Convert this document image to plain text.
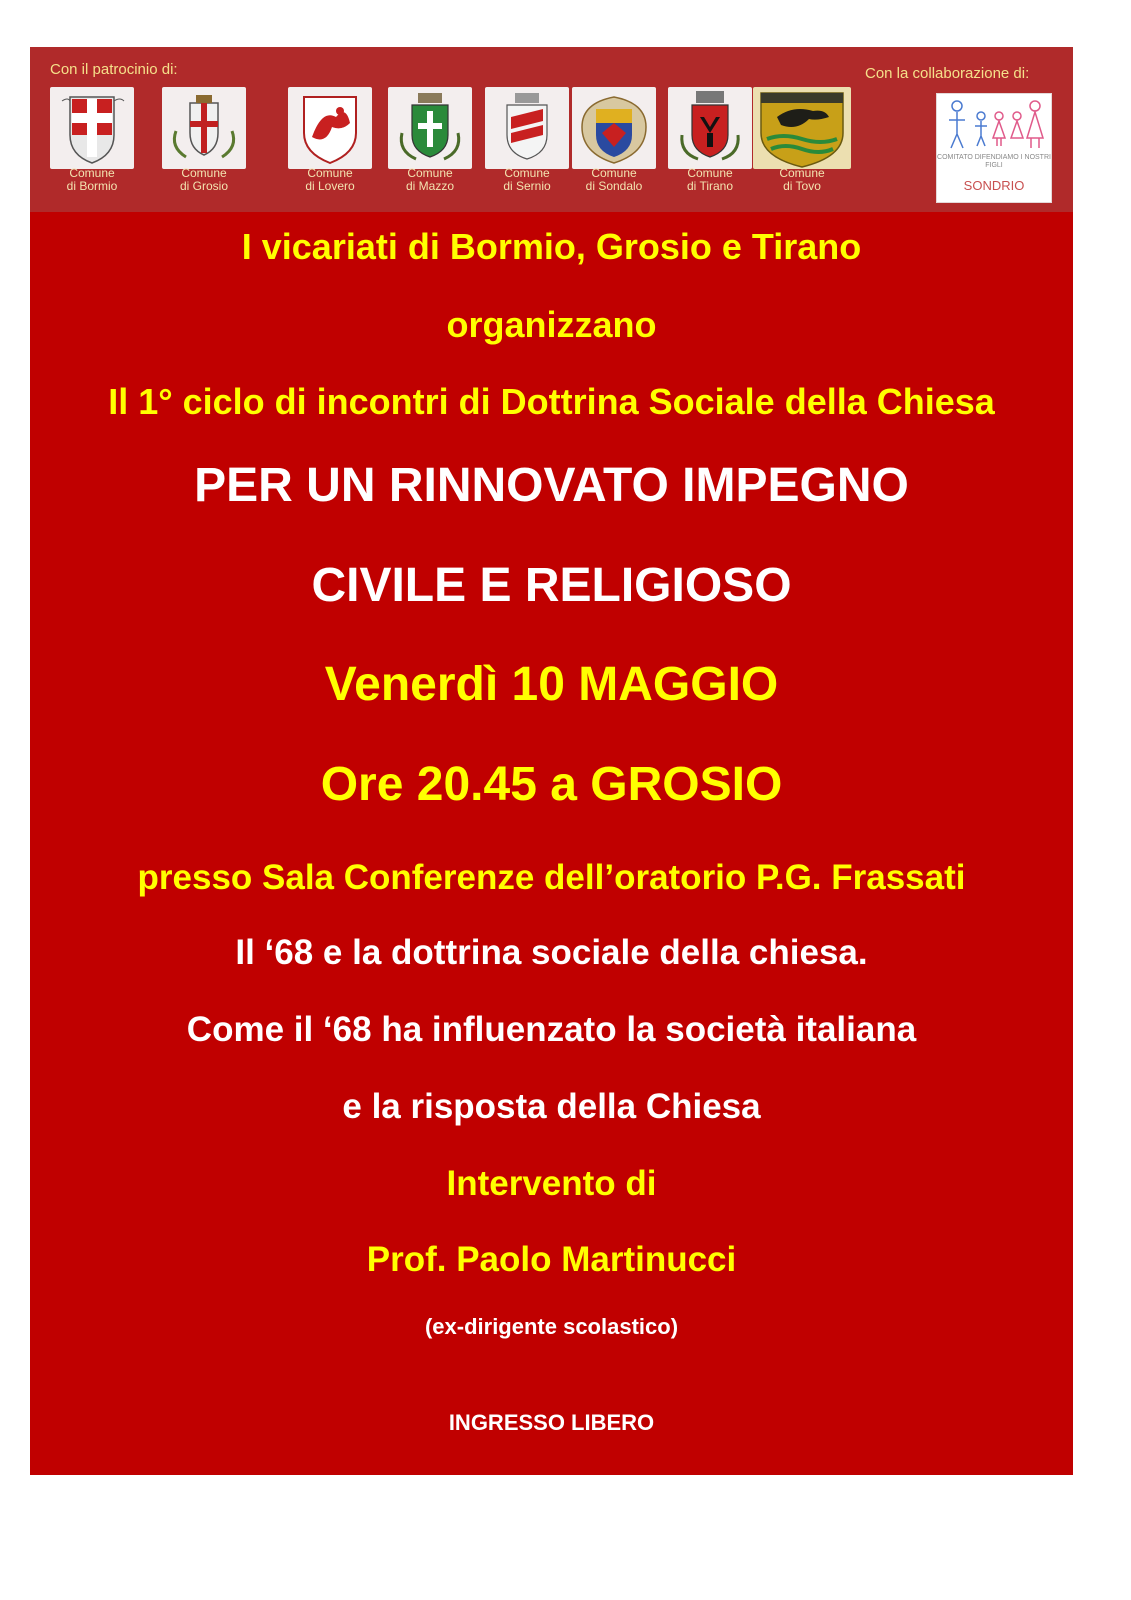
Con il patrocinio di:	Con la collaborazione di:
Comune
di Bormio
Comune
di Grosio
Comune
di Lovero
Comune
di Mazzo
Comune
di Sernio
Comune
di Sondalo
Comune
di Tirano
Comune
di Tovo
COMITATO DIFENDIAMO I NOSTRI FIGLI
SONDRIO
I vicariati di Bormio, Grosio e Tirano
organizzano
Il 1° ciclo di incontri di Dottrina Sociale della Chiesa
PER UN RINNOVATO IMPEGNO
CIVILE E RELIGIOSO
Venerdì 10 MAGGIO
Ore 20.45 a GROSIO
presso Sala Conferenze dell’oratorio P.G. Frassati
Il ‘68 e la dottrina sociale della chiesa.
Come il ‘68 ha influenzato la società italiana
e la risposta della Chiesa
Intervento di
Prof. Paolo Martinucci
(ex-dirigente scolastico)
INGRESSO LIBERO
